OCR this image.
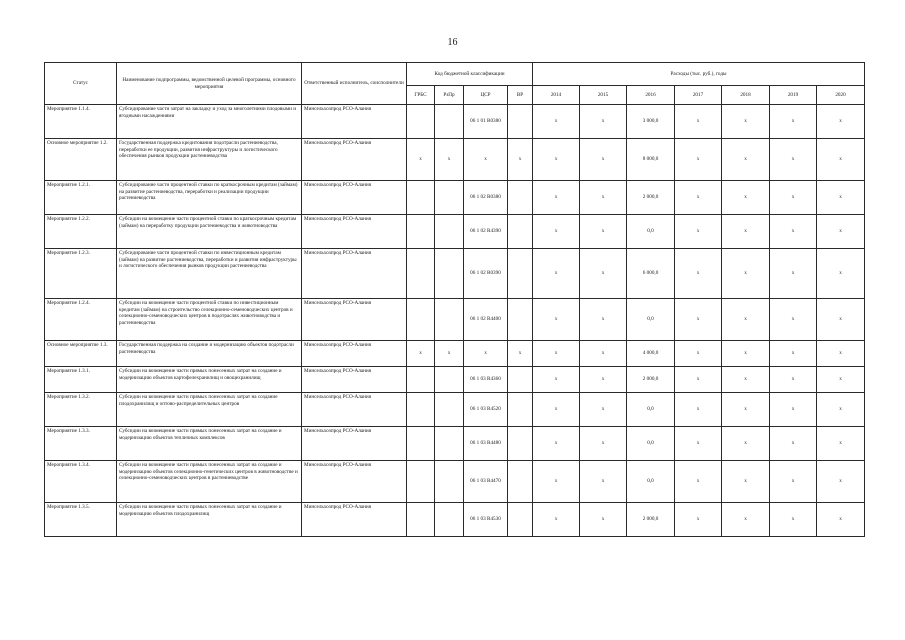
16
Статус	Наименование подпрограммы, ведомственной целевой программы, основного мероприятия	Ответственный исполнитель, соисполнители	Код бюджетной классификации				Расходы (тыс. руб.), годы						
			ГРБС	РзПр	ЦСР	ВР	2014	2015	2016	2017	2018	2019	2020
Мероприятие 1.1.4.	Субсидирование части затрат на закладку и уход за многолетними плодовыми и ягодными насаждениями	Минсельхозпрод РСО-Алания			06 1 01 R0380		x	x	3 000,0	x	x	x	x
Основное мероприятие 1.2.	Государственная поддержка кредитования подотрасли растениеводства, переработки ее продукции, развития инфраструктуры и логистического обеспечения рынков продукции растениеводства	Минсельхозпрод РСО-Алания	x	x	x	x	x	x	8 000,0	x	x	x	x
Мероприятие 1.2.1.	Субсидирование части процентной ставки по краткосрочным кредитам (займам) на развитие растениеводства, переработки и реализации продукции растениеводства	Минсельхозпрод РСО-Алания			06 1 02 R0380		x	x	2 000,0	x	x	x	x
Мероприятие 1.2.2.	Субсидии на возмещение части процентной ставки по краткосрочным кредитам (займам) на переработку продукции растениеводства и животноводства	Минсельхозпрод РСО-Алания			06 1 02 R4390		x	x	0,0	x	x	x	x
Мероприятие 1.2.3.	Субсидирование части процентной ставки по инвестиционным кредитам (займам) на развитие растениеводства, переработки и развития инфраструктуры и логистического обеспечения рынков продукции растениеводства	Минсельхозпрод РСО-Алания			06 1 02 R0390		x	x	6 000,0	x	x	x	x
Мероприятие 1.2.4.	Субсидии на возмещение части процентной ставки по инвестиционным кредитам (займам) на строительство селекционно-семеноводческих центров и селекционно-семеноводческих центров в подотраслях животноводства и растениеводства	Минсельхозпрод РСО-Алания			06 1 02 R4400		x	x	0,0	x	x	x	x
Основное мероприятие 1.3.	Государственная поддержка на создание и модернизацию объектов подотрасли растениеводства	Минсельхозпрод РСО-Алания	x	x	x	x	x	x	4 000,0	x	x	x	x
Мероприятие 1.3.1.	Субсидии на возмещение части прямых понесенных затрат на создание и модернизацию объектов картофелехранилищ и овощехранилищ	Минсельхозпрод РСО-Алания			06 1 03 R4360		x	x	2 000,0	x	x	x	x
Мероприятие 1.3.2.	Субсидии на возмещение части прямых понесенных затрат на создание плодохранилищ и оптово-распределительных центров	Минсельхозпрод РСО-Алания			06 1 03 R4520		x	x	0,0	x	x	x	x
Мероприятие 1.3.3.	Субсидии на возмещение части прямых понесенных затрат на создание и модернизацию объектов тепличных комплексов	Минсельхозпрод РСО-Алания			06 1 03 R4480		x	x	0,0	x	x	x	x
Мероприятие 1.3.4.	Субсидии на возмещение части прямых понесенных затрат на создание и модернизацию объектов селекционно-генетических центров в животноводстве и селекционно-семеноводческих центров в растениеводстве	Минсельхозпрод РСО-Алания			06 1 03 R4470		x	x	0,0	x	x	x	x
Мероприятие 1.3.5.	Субсидии на возмещение части прямых понесенных затрат на создание и модернизацию объектов плодохранилищ	Минсельхозпрод РСО-Алания			06 1 03 R4530		x	x	2 000,0	x	x	x	x
